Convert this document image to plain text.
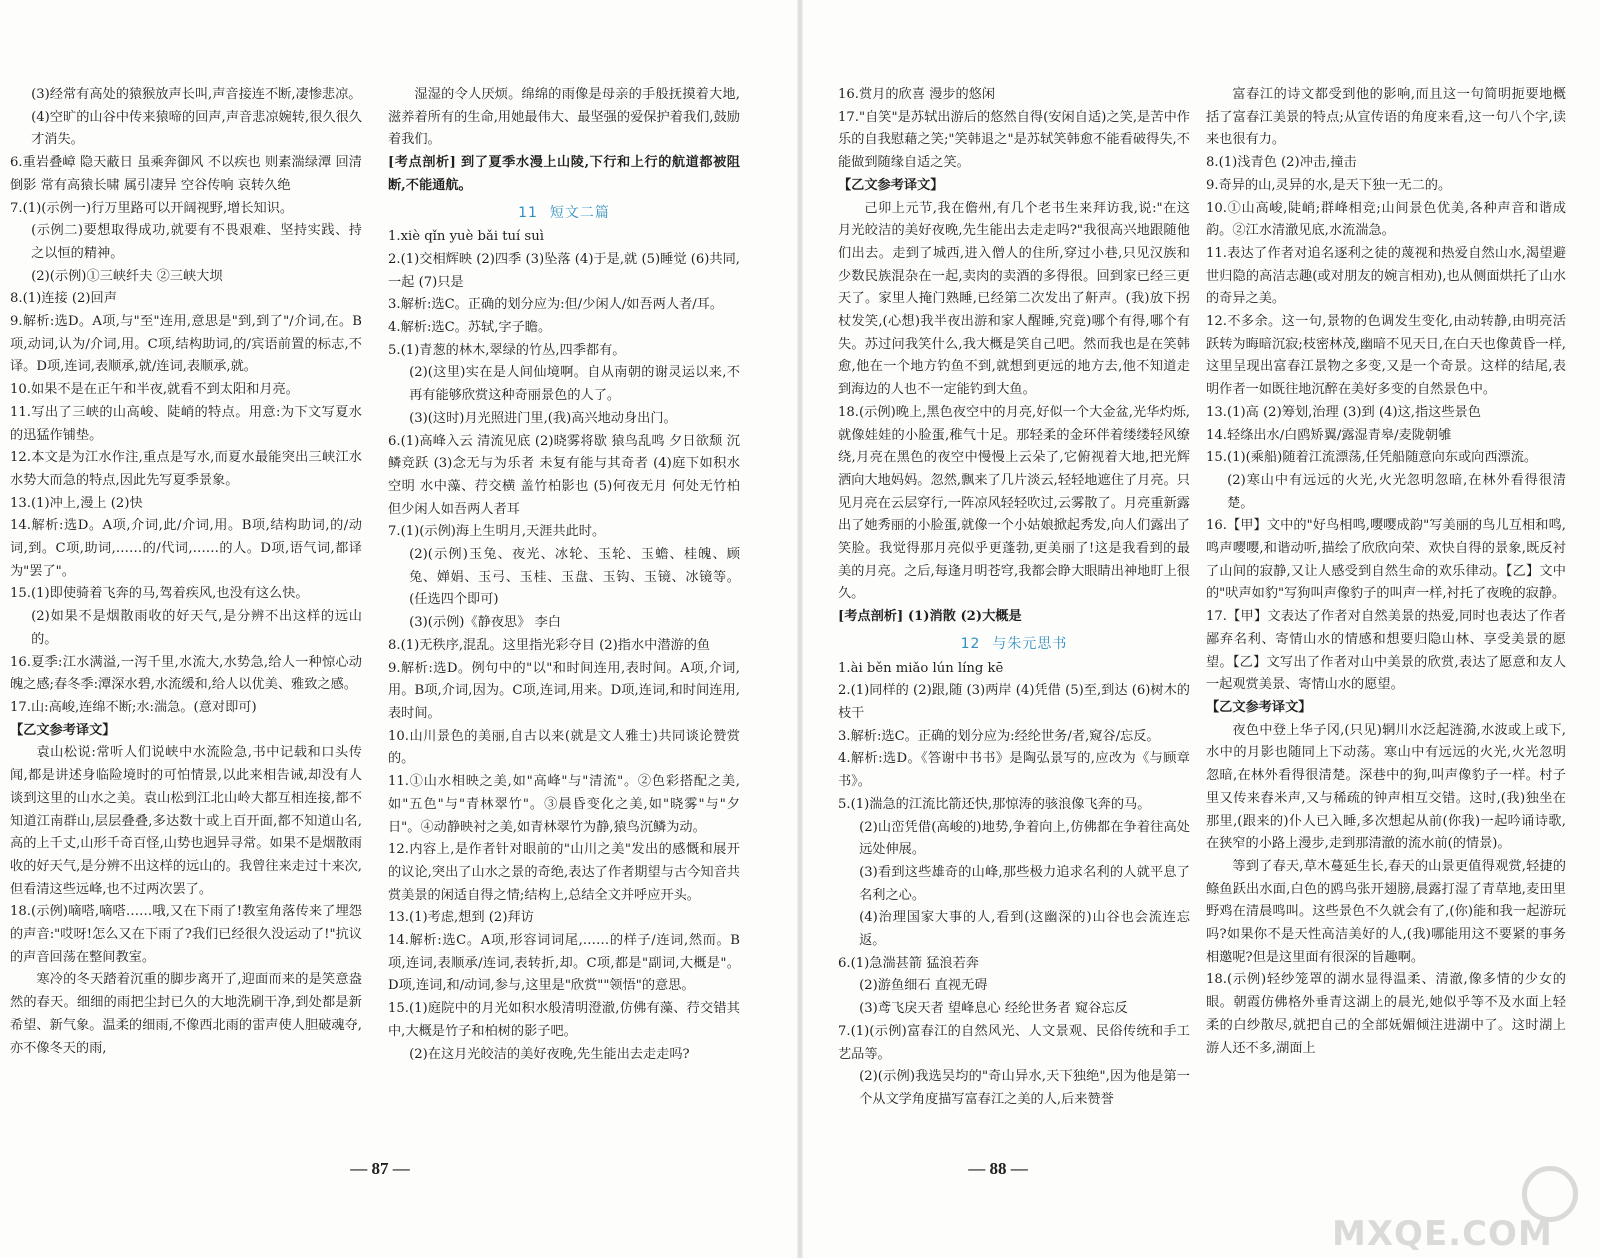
(3)经常有高处的猿猴放声长叫,声音接连不断,凄惨悲凉。

(4)空旷的山谷中传来猿啼的回声,声音悲凉婉转,很久很久才消失。

6.重岩叠嶂 隐天蔽日 虽乘奔御风 不以疾也 则素湍绿潭 回清倒影 常有高猿长啸 属引凄异 空谷传响 哀转久绝

7.(1)(示例一)行万里路可以开阔视野,增长知识。

(示例二)要想取得成功,就要有不畏艰难、坚持实践、持之以恒的精神。

(2)(示例)①三峡纤夫 ②三峡大坝

8.(1)连接 (2)回声

9.解析:选D。A项,与"至"连用,意思是"到,到了"/介词,在。B项,动词,认为/介词,用。C项,结构助词,的/宾语前置的标志,不译。D项,连词,表顺承,就/连词,表顺承,就。

10.如果不是在正午和半夜,就看不到太阳和月亮。

11.写出了三峡的山高峻、陡峭的特点。用意:为下文写夏水的迅猛作铺垫。

12.本文是为江水作注,重点是写水,而夏水最能突出三峡江水水势大而急的特点,因此先写夏季景象。

13.(1)冲上,漫上 (2)快

14.解析:选D。A项,介词,此/介词,用。B项,结构助词,的/动词,到。C项,助词,……的/代词,……的人。D项,语气词,都译为"罢了"。

15.(1)即使骑着飞奔的马,驾着疾风,也没有这么快。

(2)如果不是烟散雨收的好天气,是分辨不出这样的远山的。

16.夏季:江水满溢,一泻千里,水流大,水势急,给人一种惊心动魄之感;春冬季:潭深水碧,水流缓和,给人以优美、雅致之感。

17.山:高峻,连绵不断;水:湍急。(意对即可)

【乙文参考译文】

袁山松说:常听人们说峡中水流险急,书中记载和口头传闻,都是讲述身临险境时的可怕情景,以此来相告诫,却没有人谈到这里的山水之美。袁山松到江北山岭大都互相连接,都不知道江南群山,层层叠叠,多达数十或上百开面,都不知道山名,高的上千丈,山形千奇百怪,山势也迥异寻常。如果不是烟散雨收的好天气,是分辨不出这样的远山的。我曾往来走过十来次,但看清这些远峰,也不过两次罢了。

18.(示例)嘀嗒,嘀嗒……哦,又在下雨了!教室角落传来了埋怨的声音:"哎呀!怎么又在下雨了?我们已经很久没运动了!"抗议的声音回荡在整间教室。

寒冷的冬天踏着沉重的脚步离开了,迎面而来的是笑意盎然的春天。细细的雨把尘封已久的大地洗刷干净,到处都是新希望、新气象。温柔的细雨,不像西北雨的雷声使人胆破魂夺,亦不像冬天的雨,

湿湿的令人厌烦。绵绵的雨像是母亲的手般抚摸着大地,滋养着所有的生命,用她最伟大、最坚强的爱保护着我们,鼓励着我们。

[考点剖析] 到了夏季水漫上山陵,下行和上行的航道都被阻断,不能通航。

11 短文二篇

1.xiè qǐn yuè bǎi tuí suì

2.(1)交相辉映 (2)四季 (3)坠落 (4)于是,就 (5)睡觉 (6)共同,一起 (7)只是

3.解析:选C。正确的划分应为:但/少闲人/如吾两人者/耳。

4.解析:选C。苏轼,字子瞻。

5.(1)青葱的林木,翠绿的竹丛,四季都有。

(2)(这里)实在是人间仙境啊。自从南朝的谢灵运以来,不再有能够欣赏这种奇丽景色的人了。

(3)(这时)月光照进门里,(我)高兴地动身出门。

6.(1)高峰入云 清流见底 (2)晓雾将歇 猿鸟乱鸣 夕日欲颓 沉鳞竞跃 (3)念无与为乐者 未复有能与其奇者 (4)庭下如积水空明 水中藻、荇交横 盖竹柏影也 (5)何夜无月 何处无竹柏 但少闲人如吾两人者耳

7.(1)(示例)海上生明月,天涯共此时。

(2)(示例)玉兔、夜光、冰轮、玉轮、玉蟾、桂魄、顾兔、婵娟、玉弓、玉桂、玉盘、玉钩、玉镜、冰镜等。(任选四个即可)

(3)(示例)《静夜思》 李白

8.(1)无秩序,混乱。这里指光彩夺目 (2)指水中潜游的鱼

9.解析:选D。例句中的"以"和时间连用,表时间。A项,介词,用。B项,介词,因为。C项,连词,用来。D项,连词,和时间连用,表时间。

10.山川景色的美丽,自古以来(就是文人雅士)共同谈论赞赏的。

11.①山水相映之美,如"高峰"与"清流"。②色彩搭配之美,如"五色"与"青林翠竹"。③晨昏变化之美,如"晓雾"与"夕日"。④动静映衬之美,如青林翠竹为静,猿鸟沉鳞为动。

12.内容上,是作者针对眼前的"山川之美"发出的感慨和展开的议论,突出了山水之景的奇绝,表达了作者期望与古今知音共赏美景的闲适自得之情;结构上,总结全文并呼应开头。

13.(1)考虑,想到 (2)拜访

14.解析:选C。A项,形容词词尾,……的样子/连词,然而。B项,连词,表顺承/连词,表转折,却。C项,都是"副词,大概是"。D项,连词,和/动词,参与,这里是"欣赏""领悟"的意思。

15.(1)庭院中的月光如积水般清明澄澈,仿佛有藻、荇交错其中,大概是竹子和柏树的影子吧。

(2)在这月光皎洁的美好夜晚,先生能出去走走吗?

— 87 —

16.赏月的欣喜 漫步的悠闲

17."自笑"是苏轼出游后的悠然自得(安闲自适)之笑,是苦中作乐的自我慰藉之笑;"笑韩退之"是苏轼笑韩愈不能看破得失,不能做到随缘自适之笑。

【乙文参考译文】

己卯上元节,我在儋州,有几个老书生来拜访我,说:"在这月光皎洁的美好夜晚,先生能出去走走吗?"我很高兴地跟随他们出去。走到了城西,进入僧人的住所,穿过小巷,只见汉族和少数民族混杂在一起,卖肉的卖酒的多得很。回到家已经三更天了。家里人掩门熟睡,已经第二次发出了鼾声。(我)放下拐杖发笑,(心想)我半夜出游和家人醒睡,究竟)哪个有得,哪个有失。苏过问我笑什么,我大概是笑自己吧。然而我也是在笑韩愈,他在一个地方钓鱼不到,就想到更远的地方去,他不知道走到海边的人也不一定能钓到大鱼。

18.(示例)晚上,黑色夜空中的月亮,好似一个大金盆,光华灼烁,就像娃娃的小脸蛋,稚气十足。那轻柔的金环伴着缕缕轻风缭绕,月亮在黑色的夜空中慢慢上云朵了,它俯视着大地,把光辉洒向大地妈妈。忽然,飘来了几片淡云,轻轻地遮住了月亮。只见月亮在云层穿行,一阵凉风轻轻吹过,云雾散了。月亮重新露出了她秀丽的小脸蛋,就像一个小姑娘掀起秀发,向人们露出了笑脸。我觉得那月亮似乎更蓬勃,更美丽了!这是我看到的最美的月亮。之后,每逢月明苍穹,我都会睁大眼睛出神地盯上很久。

[考点剖析] (1)消散 (2)大概是

12 与朱元思书

1.ài běn miǎo lún líng kē

2.(1)同样的 (2)跟,随 (3)两岸 (4)凭借 (5)至,到达 (6)树木的枝干

3.解析:选C。正确的划分应为:经纶世务/者,窥谷/忘反。

4.解析:选D。《答谢中书书》是陶弘景写的,应改为《与顾章书》。

5.(1)湍急的江流比箭还快,那惊涛的骇浪像飞奔的马。

(2)山峦凭借(高峻的)地势,争着向上,仿佛都在争着往高处远处伸展。

(3)看到这些雄奇的山峰,那些极力追求名利的人就平息了名利之心。

(4)治理国家大事的人,看到(这幽深的)山谷也会流连忘返。

6.(1)急湍甚箭 猛浪若奔

(2)游鱼细石 直视无碍

(3)鸢飞戾天者 望峰息心 经纶世务者 窥谷忘反

7.(1)(示例)富春江的自然风光、人文景观、民俗传统和手工艺品等。

(2)(示例)我选吴均的"奇山异水,天下独绝",因为他是第一个从文学角度描写富春江之美的人,后来赞誉

富春江的诗文都受到他的影响,而且这一句简明扼要地概括了富春江美景的特点;从宣传语的角度来看,这一句八个字,读来也很有力。

8.(1)浅青色 (2)冲击,撞击

9.奇异的山,灵异的水,是天下独一无二的。

10.①山高峻,陡峭;群峰相竞;山间景色优美,各种声音和谐成韵。②江水清澈见底,水流湍急。

11.表达了作者对追名逐利之徒的蔑视和热爱自然山水,渴望避世归隐的高洁志趣(或对朋友的婉言相劝),也从侧面烘托了山水的奇异之美。

12.不多余。这一句,景物的色调发生变化,由动转静,由明亮活跃转为晦暗沉寂;枝密林茂,幽暗不见天日,在白天也像黄昏一样,这里呈现出富春江景物之多变,又是一个奇景。这样的结尾,表明作者一如既往地沉醉在美好多变的自然景色中。

13.(1)高 (2)筹划,治理 (3)到 (4)这,指这些景色

14.轻绦出水/白鸥矫翼/露湿青皋/麦陇朝雊

15.(1)(乘船)随着江流漂荡,任凭船随意向东或向西漂流。

(2)寒山中有远远的火光,火光忽明忽暗,在林外看得很清楚。

16.【甲】文中的"好鸟相鸣,嘤嘤成韵"写美丽的鸟儿互相和鸣,鸣声嘤嘤,和谐动听,描绘了欣欣向荣、欢快自得的景象,既反衬了山间的寂静,又让人感受到自然生命的欢乐律动。【乙】文中的"吠声如豹"写狗叫声像豹子的叫声一样,衬托了夜晚的寂静。

17.【甲】文表达了作者对自然美景的热爱,同时也表达了作者鄙弃名利、寄情山水的情感和想要归隐山林、享受美景的愿望。【乙】文写出了作者对山中美景的欣赏,表达了愿意和友人一起观赏美景、寄情山水的愿望。

【乙文参考译文】

夜色中登上华子冈,(只见)辋川水泛起涟漪,水波或上或下,水中的月影也随同上下动荡。寒山中有远远的火光,火光忽明忽暗,在林外看得很清楚。深巷中的狗,叫声像豹子一样。村子里又传来舂米声,又与稀疏的钟声相互交错。这时,(我)独坐在那里,(跟来的)仆人已入睡,多次想起从前(你我)一起吟诵诗歌,在狭窄的小路上漫步,走到那清澈的流水前(的情景)。

等到了春天,草木蔓延生长,春天的山景更值得观赏,轻捷的鲦鱼跃出水面,白色的鸥鸟张开翅膀,晨露打湿了青草地,麦田里野鸡在清晨鸣叫。这些景色不久就会有了,(你)能和我一起游玩吗?如果你不是天性高洁美好的人,(我)哪能用这不要紧的事务相邀呢?但是这里面有很深的旨趣啊。

18.(示例)轻纱笼罩的湖水显得温柔、清澈,像多情的少女的眼。朝霞仿佛格外垂青这湖上的晨光,她似乎等不及水面上轻柔的白纱散尽,就把自己的全部妩媚倾注进湖中了。这时湖上游人还不多,湖面上

— 88 —
MXQE.COM
